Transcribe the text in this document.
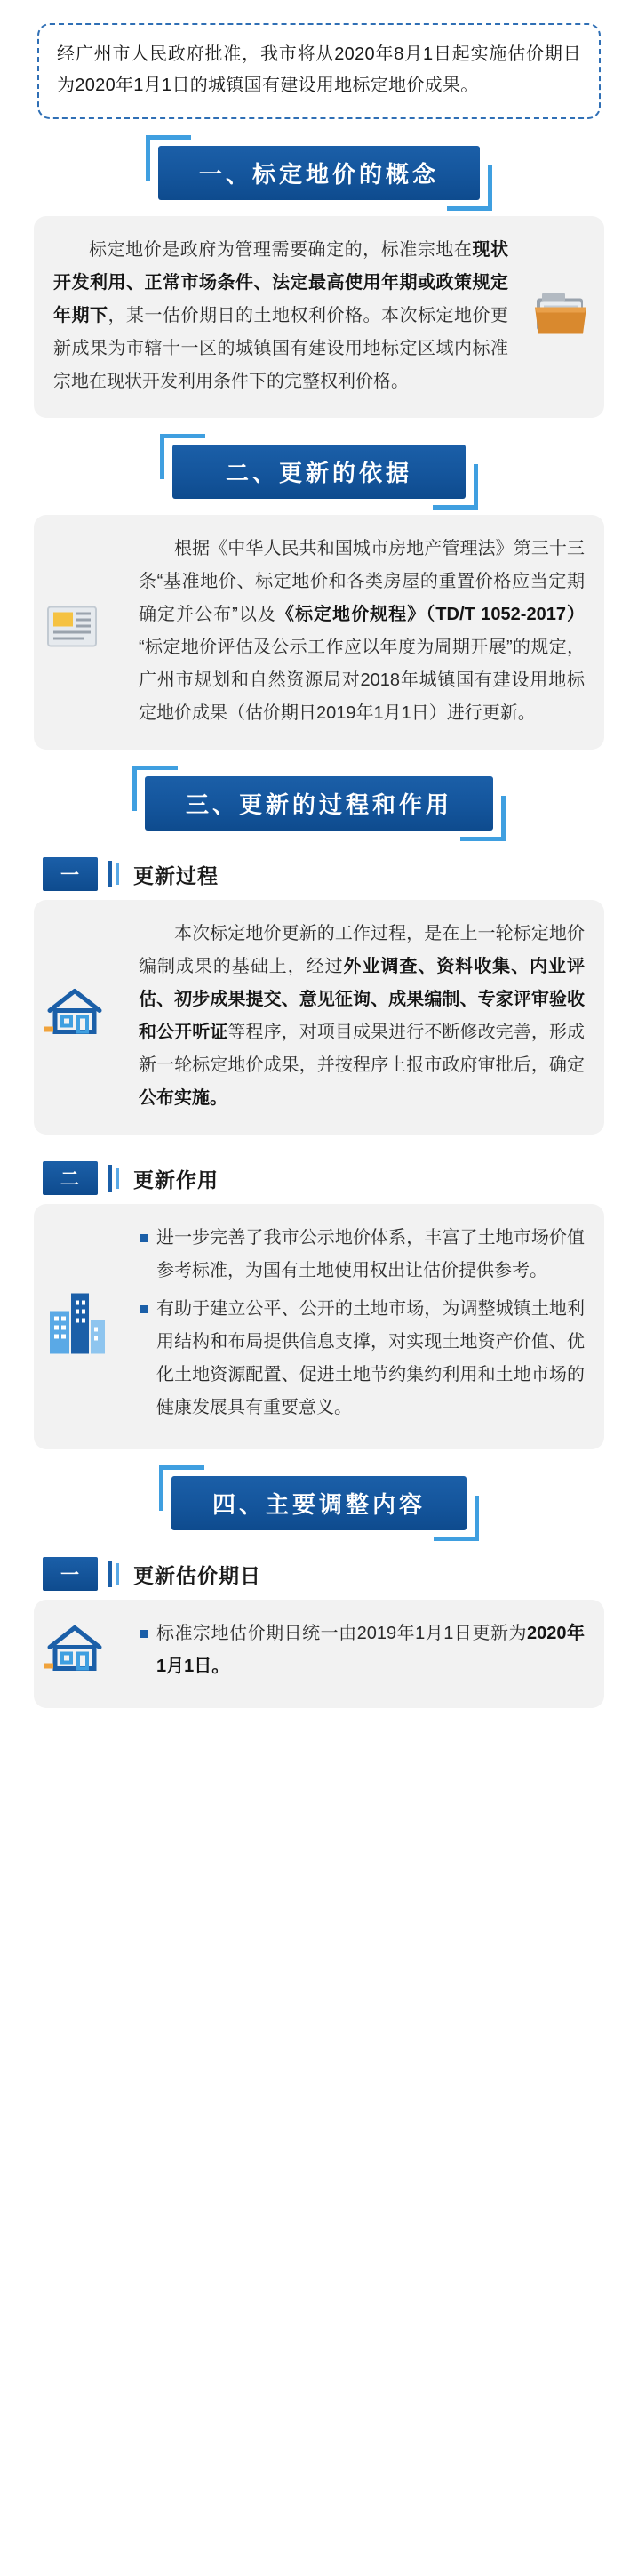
经广州市人民政府批准，我市将从2020年8月1日起实施估价期日为2020年1月1日的城镇国有建设用地标定地价成果。
一、标定地价的概念

标定地价是政府为管理需要确定的，标准宗地在现状开发利用、正常市场条件、法定最高使用年期或政策规定年期下，某一估价期日的土地权利价格。本次标定地价更新成果为市辖十一区的城镇国有建设用地标定区域内标准宗地在现状开发利用条件下的完整权利价格。

二、更新的依据

根据《中华人民共和国城市房地产管理法》第三十三条“基准地价、标定地价和各类房屋的重置价格应当定期确定并公布”以及《标定地价规程》（TD/T 1052-2017）“标定地价评估及公示工作应以年度为周期开展”的规定，广州市规划和自然资源局对2018年城镇国有建设用地标定地价成果（估价期日2019年1月1日）进行更新。

三、更新的过程和作用
一	更新过程

本次标定地价更新的工作过程，是在上一轮标定地价编制成果的基础上，经过外业调查、资料收集、内业评估、初步成果提交、意见征询、成果编制、专家评审验收和公开听证等程序，对项目成果进行不断修改完善，形成新一轮标定地价成果，并按程序上报市政府审批后，确定公布实施。

二	更新作用
进一步完善了我市公示地价体系，丰富了土地市场价值参考标准，为国有土地使用权出让估价提供参考。
有助于建立公平、公开的土地市场，为调整城镇土地利用结构和布局提供信息支撑，对实现土地资产价值、优化土地资源配置、促进土地节约集约利用和土地市场的健康发展具有重要意义。
四、主要调整内容
一	更新估价期日
标准宗地估价期日统一由2019年1月1日更新为2020年1月1日。
